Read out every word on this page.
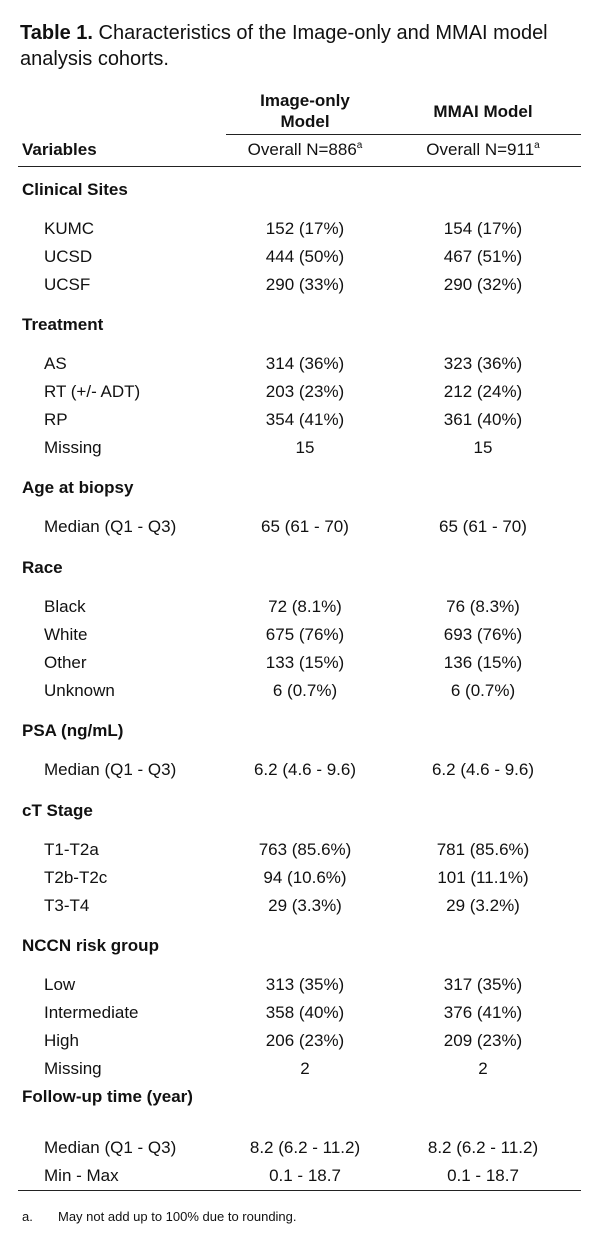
Table 1. Characteristics of the Image-only and MMAI model analysis cohorts.
Image-only
Model
MMAI Model
Variables	Overall $N=886^a$	Overall $N=911^a$
Clinical Sites
KUMC	152 (17%)	154 (17%)
UCSD	444 (50%)	467 (51%)
UCSF	290 (33%)	290 (32%)
Treatment
AS	314 (36%)	323 (36%)
RT (+/- ADT)	203 (23%)	212 (24%)
RP	354 (41%)	361 (40%)
Missing	15	15
Age at biopsy
Median (Q1 - Q3)	65 (61 - 70)	65 (61 - 70)
Race
Black	72 (8.1%)	76 (8.3%)
White	675 (76%)	693 (76%)
Other	133 (15%)	136 (15%)
Unknown	6 (0.7%)	6 (0.7%)
PSA (ng/mL)
Median (Q1 - Q3)	6.2 (4.6 - 9.6)	6.2 (4.6 - 9.6)
cT Stage
T1-T2a	763 (85.6%)	781 (85.6%)
T2b-T2c	94 (10.6%)	101 (11.1%)
T3-T4	29 (3.3%)	29 (3.2%)
NCCN risk group
Low	313 (35%)	317 (35%)
Intermediate	358 (40%)	376 (41%)
High	206 (23%)	209 (23%)
Missing	2	2
Follow-up time (year)
Median (Q1 - Q3)	8.2 (6.2 - 11.2)	8.2 (6.2 - 11.2)
Min - Max	0.1 - 18.7	0.1 - 18.7
a. May not add up to 100% due to rounding.
